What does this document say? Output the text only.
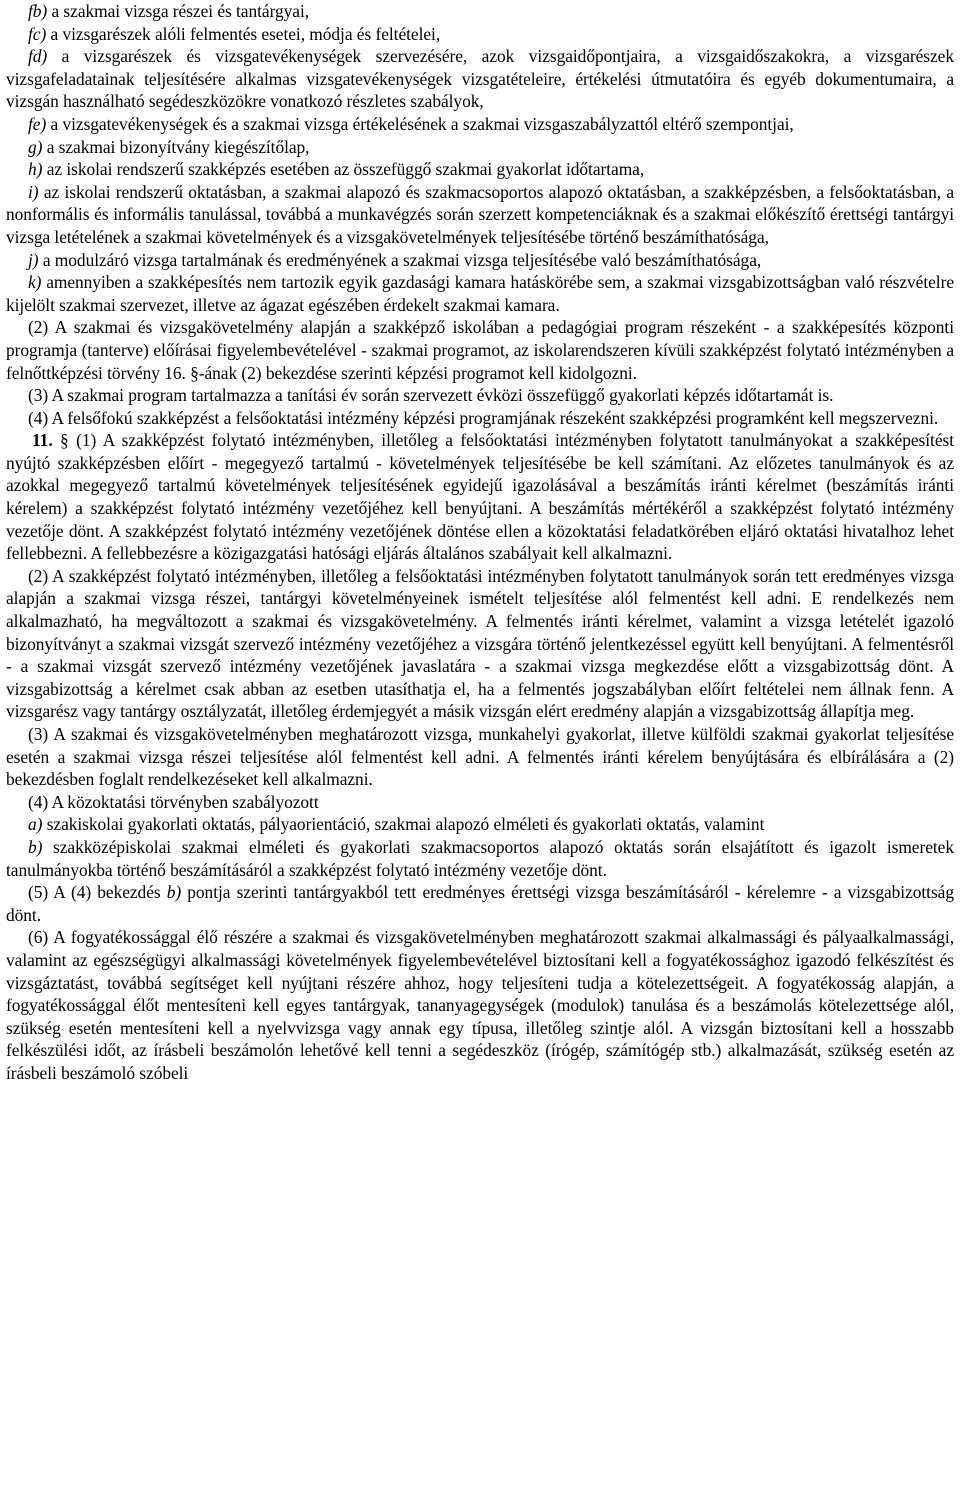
fb) a szakmai vizsga részei és tantárgyai,
fc) a vizsgarészek alóli felmentés esetei, módja és feltételei,
fd) a vizsgarészek és vizsgatevékenységek szervezésére, azok vizsgaidőpontjaira, a vizsgaidőszakokra, a vizsgarészek vizsgafeladatainak teljesítésére alkalmas vizsgatevékenységek vizsgatételeire, értékelési útmutatóira és egyéb dokumentumaira, a vizsgán használható segédeszközökre vonatkozó részletes szabályok,
fe) a vizsgatevékenységek és a szakmai vizsga értékelésének a szakmai vizsgaszabályzattól eltérő szempontjai,
g) a szakmai bizonyítvány kiegészítőlap,
h) az iskolai rendszerű szakképzés esetében az összefüggő szakmai gyakorlat időtartama,
i) az iskolai rendszerű oktatásban, a szakmai alapozó és szakmacsoportos alapozó oktatásban, a szakképzésben, a felsőoktatásban, a nonformális és informális tanulással, továbbá a munkavégzés során szerzett kompetenciáknak és a szakmai előkészítő érettségi tantárgyi vizsga letételének a szakmai követelmények és a vizsgakövetelmények teljesítésébe történő beszámíthatósága,
j) a modulzáró vizsga tartalmának és eredményének a szakmai vizsga teljesítésébe való beszámíthatósága,
k) amennyiben a szakképesítés nem tartozik egyik gazdasági kamara hatáskörébe sem, a szakmai vizsgabizottságban való részvételre kijelölt szakmai szervezet, illetve az ágazat egészében érdekelt szakmai kamara.
(2) A szakmai és vizsgakövetelmény alapján a szakképző iskolában a pedagógiai program részeként - a szakképesítés központi programja (tanterve) előírásai figyelembevételével - szakmai programot, az iskolarendszeren kívüli szakképzést folytató intézményben a felnőttképzési törvény 16. §-ának (2) bekezdése szerinti képzési programot kell kidolgozni.
(3) A szakmai program tartalmazza a tanítási év során szervezett évközi összefüggő gyakorlati képzés időtartamát is.
(4) A felsőfokú szakképzést a felsőoktatási intézmény képzési programjának részeként szakképzési programként kell megszervezni.
11. § (1) A szakképzést folytató intézményben, illetőleg a felsőoktatási intézményben folytatott tanulmányokat a szakképesítést nyújtó szakképzésben előírt - megegyező tartalmú - követelmények teljesítésébe be kell számítani. Az előzetes tanulmányok és az azokkal megegyező tartalmú követelmények teljesítésének egyidejű igazolásával a beszámítás iránti kérelmet (beszámítás iránti kérelem) a szakképzést folytató intézmény vezetőjéhez kell benyújtani. A beszámítás mértékéről a szakképzést folytató intézmény vezetője dönt. A szakképzést folytató intézmény vezetőjének döntése ellen a közoktatási feladatkörében eljáró oktatási hivatalhoz lehet fellebbezni. A fellebbezésre a közigazgatási hatósági eljárás általános szabályait kell alkalmazni.
(2) A szakképzést folytató intézményben, illetőleg a felsőoktatási intézményben folytatott tanulmányok során tett eredményes vizsga alapján a szakmai vizsga részei, tantárgyi követelményeinek ismételt teljesítése alól felmentést kell adni. E rendelkezés nem alkalmazható, ha megváltozott a szakmai és vizsgakövetelmény. A felmentés iránti kérelmet, valamint a vizsga letételét igazoló bizonyítványt a szakmai vizsgát szervező intézmény vezetőjéhez a vizsgára történő jelentkezéssel együtt kell benyújtani. A felmentésről - a szakmai vizsgát szervező intézmény vezetőjének javaslatára - a szakmai vizsga megkezdése előtt a vizsgabizottság dönt. A vizsgabizottság a kérelmet csak abban az esetben utasíthatja el, ha a felmentés jogszabályban előírt feltételei nem állnak fenn. A vizsgarész vagy tantárgy osztályzatát, illetőleg érdemjegyét a másik vizsgán elért eredmény alapján a vizsgabizottság állapítja meg.
(3) A szakmai és vizsgakövetelményben meghatározott vizsga, munkahelyi gyakorlat, illetve külföldi szakmai gyakorlat teljesítése esetén a szakmai vizsga részei teljesítése alól felmentést kell adni. A felmentés iránti kérelem benyújtására és elbírálására a (2) bekezdésben foglalt rendelkezéseket kell alkalmazni.
(4) A közoktatási törvényben szabályozott
a) szakiskolai gyakorlati oktatás, pályaorientáció, szakmai alapozó elméleti és gyakorlati oktatás, valamint
b) szakközépiskolai szakmai elméleti és gyakorlati szakmacsoportos alapozó oktatás során elsajátított és igazolt ismeretek tanulmányokba történő beszámításáról a szakképzést folytató intézmény vezetője dönt.
(5) A (4) bekezdés b) pontja szerinti tantárgyakból tett eredményes érettségi vizsga beszámításáról - kérelemre - a vizsgabizottság dönt.
(6) A fogyatékossággal élő részére a szakmai és vizsgakövetelményben meghatározott szakmai alkalmassági és pályaalkalmassági, valamint az egészségügyi alkalmassági követelmények figyelembevételével biztosítani kell a fogyatékossághoz igazodó felkészítést és vizsgáztatást, továbbá segítséget kell nyújtani részére ahhoz, hogy teljesíteni tudja a kötelezettségeit. A fogyatékosság alapján, a fogyatékossággal élőt mentesíteni kell egyes tantárgyak, tananyagegységek (modulok) tanulása és a beszámolás kötelezettsége alól, szükség esetén mentesíteni kell a nyelvvizsga vagy annak egy típusa, illetőleg szintje alól. A vizsgán biztosítani kell a hosszabb felkészülési időt, az írásbeli beszámolón lehetővé kell tenni a segédeszköz (írógép, számítógép stb.) alkalmazását, szükség esetén az írásbeli beszámoló szóbeli
